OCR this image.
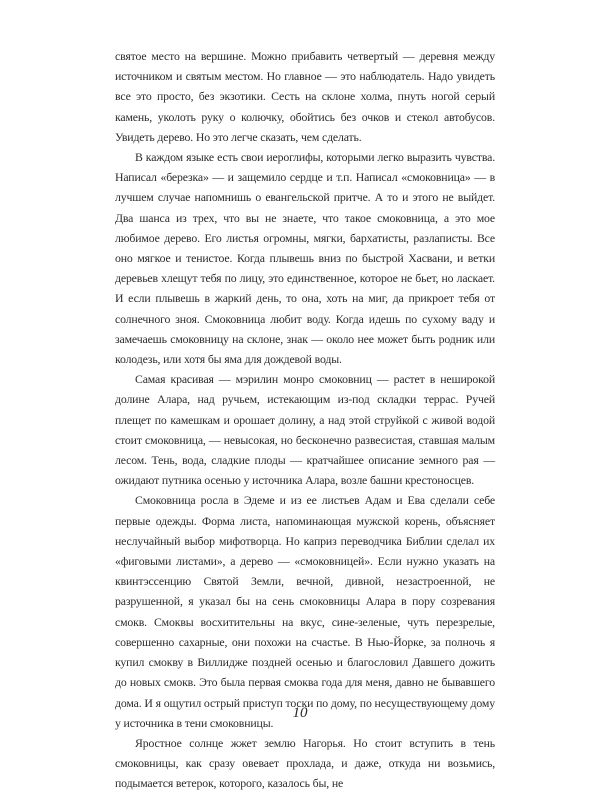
святое место на вершине. Можно прибавить четвертый — деревня между источником и святым местом. Но главное — это наблюдатель. Надо увидеть все это просто, без экзотики. Сесть на склоне холма, пнуть ногой серый камень, уколоть руку о колючку, обойтись без очков и стекол автобусов. Увидеть дерево. Но это легче сказать, чем сделать.

В каждом языке есть свои иероглифы, которыми легко выразить чувства. Написал «березка» — и защемило сердце и т.п. Написал «смоковница» — в лучшем случае напомнишь о евангельской притче. А то и этого не выйдет. Два шанса из трех, что вы не знаете, что такое смоковница, а это мое любимое дерево. Его листья огромны, мягки, бархатисты, разлаписты. Все оно мягкое и тенистое. Когда плывешь вниз по быстрой Хасвани, и ветки деревьев хлещут тебя по лицу, это единственное, которое не бьет, но ласкает. И если плывешь в жаркий день, то она, хоть на миг, да прикроет тебя от солнечного зноя. Смоковница любит воду. Когда идешь по сухому ваду и замечаешь смоковницу на склоне, знак — около нее может быть родник или колодезь, или хотя бы яма для дождевой воды.

Самая красивая — мэрилин монро смоковниц — растет в неширокой долине Алара, над ручьем, истекающим из-под складки террас. Ручей плещет по камешкам и орошает долину, а над этой струйкой с живой водой стоит смоковница, — невысокая, но бесконечно развесистая, ставшая малым лесом. Тень, вода, сладкие плоды — кратчайшее описание земного рая — ожидают путника осенью у источника Алара, возле башни крестоносцев.

Смоковница росла в Эдеме и из ее листьев Адам и Ева сделали себе первые одежды. Форма листа, напоминающая мужской корень, объясняет неслучайный выбор мифотворца. Но каприз переводчика Библии сделал их «фиговыми листами», а дерево — «смоковницей». Если нужно указать на квинтэссенцию Святой Земли, вечной, дивной, незастроенной, не разрушенной, я указал бы на сень смоковницы Алара в пору созревания смокв. Смоквы восхитительны на вкус, сине-зеленые, чуть перезрелые, совершенно сахарные, они похожи на счастье. В Нью-Йорке, за полночь я купил смокву в Виллидже поздней осенью и благословил Давшего дожить до новых смокв. Это была первая смоква года для меня, давно не бывавшего дома. И я ощутил острый приступ тоски по дому, по несуществующему дому у источника в тени смоковницы.

Яростное солнце жжет землю Нагорья. Но стоит вступить в тень смоковницы, как сразу овевает прохлада, и даже, откуда ни возьмись, подымается ветерок, которого, казалось бы, не

10
